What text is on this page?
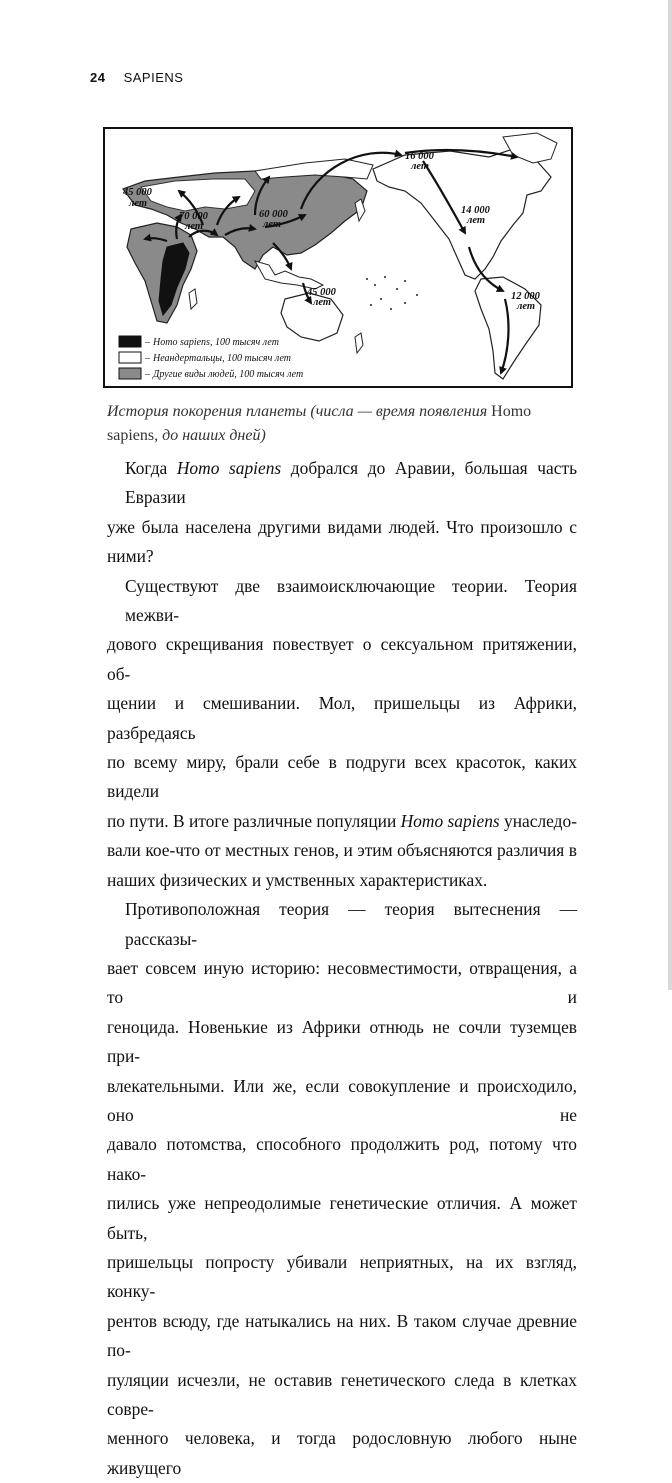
24 SAPIENS
45 000
лет
70 000
лет
60 000
лет
45 000
лет
16 000
лет
14 000
лет
12 000
лет
– Homo sapiens, 100 тысяч лет
– Неандертальцы, 100 тысяч лет
– Другие виды людей, 100 тысяч лет
История покорения планеты (числа — время появления Homo sapiens, до наших дней)

Когда Homo sapiens добрался до Аравии, большая часть Евразии
уже была населена другими видами людей. Что произошло с ними?

Существуют две взаимоисключающие теории. Теория межви-
дового скрещивания повествует о сексуальном притяжении, об-
щении и смешивании. Мол, пришельцы из Африки, разбредаясь
по всему миру, брали себе в подруги всех красоток, каких видели
по пути. В итоге различные популяции Homo sapiens унаследо-
вали кое-что от местных генов, и этим объясняются различия в
наших физических и умственных характеристиках.

Противоположная теория — теория вытеснения — рассказы-
вает совсем иную историю: несовместимости, отвращения, а то и
геноцида. Новенькие из Африки отнюдь не сочли туземцев при-
влекательными. Или же, если совокупление и происходило, оно не
давало потомства, способного продолжить род, потому что нако-
пились уже непреодолимые генетические отличия. А может быть,
пришельцы попросту убивали неприятных, на их взгляд, конку-
рентов всюду, где натыкались на них. В таком случае древние по-
пуляции исчезли, не оставив генетического следа в клетках совре-
менного человека, и тогда родословную любого ныне живущего
